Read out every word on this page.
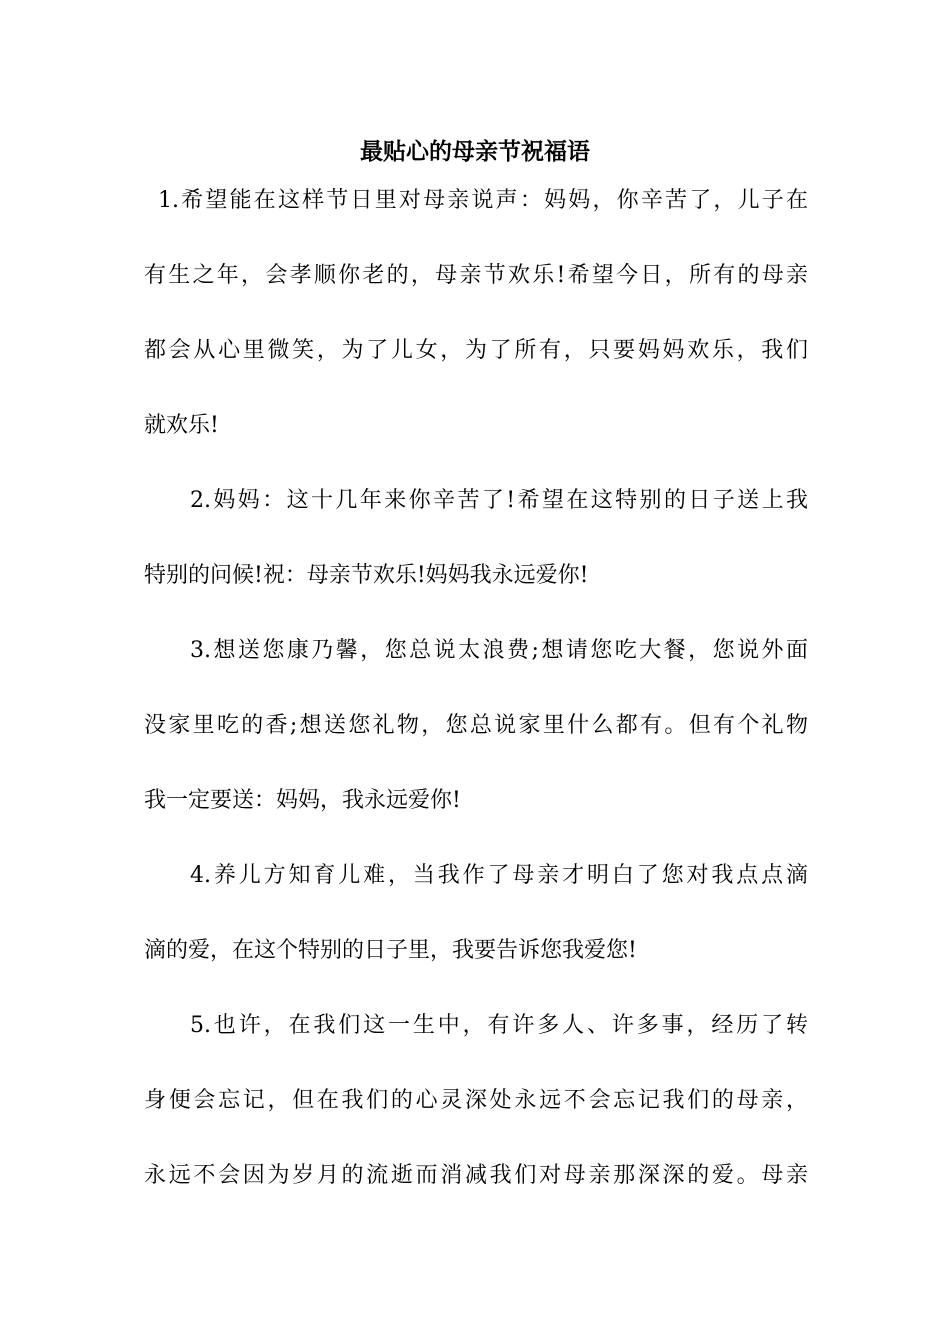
最贴心的母亲节祝福语

1.希望能在这样节日里对母亲说声：妈妈，你辛苦了，儿子在

有生之年，会孝顺你老的，母亲节欢乐!希望今日，所有的母亲

都会从心里微笑，为了儿女，为了所有，只要妈妈欢乐，我们

就欢乐!

2.妈妈：这十几年来你辛苦了!希望在这特别的日子送上我

特别的问候!祝：母亲节欢乐!妈妈我永远爱你!

3.想送您康乃馨，您总说太浪费;想请您吃大餐，您说外面

没家里吃的香;想送您礼物，您总说家里什么都有。但有个礼物

我一定要送：妈妈，我永远爱你!

4.养儿方知育儿难，当我作了母亲才明白了您对我点点滴

滴的爱，在这个特别的日子里，我要告诉您我爱您!

5.也许，在我们这一生中，有许多人、许多事，经历了转

身便会忘记，但在我们的心灵深处永远不会忘记我们的母亲，

永远不会因为岁月的流逝而消减我们对母亲那深深的爱。母亲
